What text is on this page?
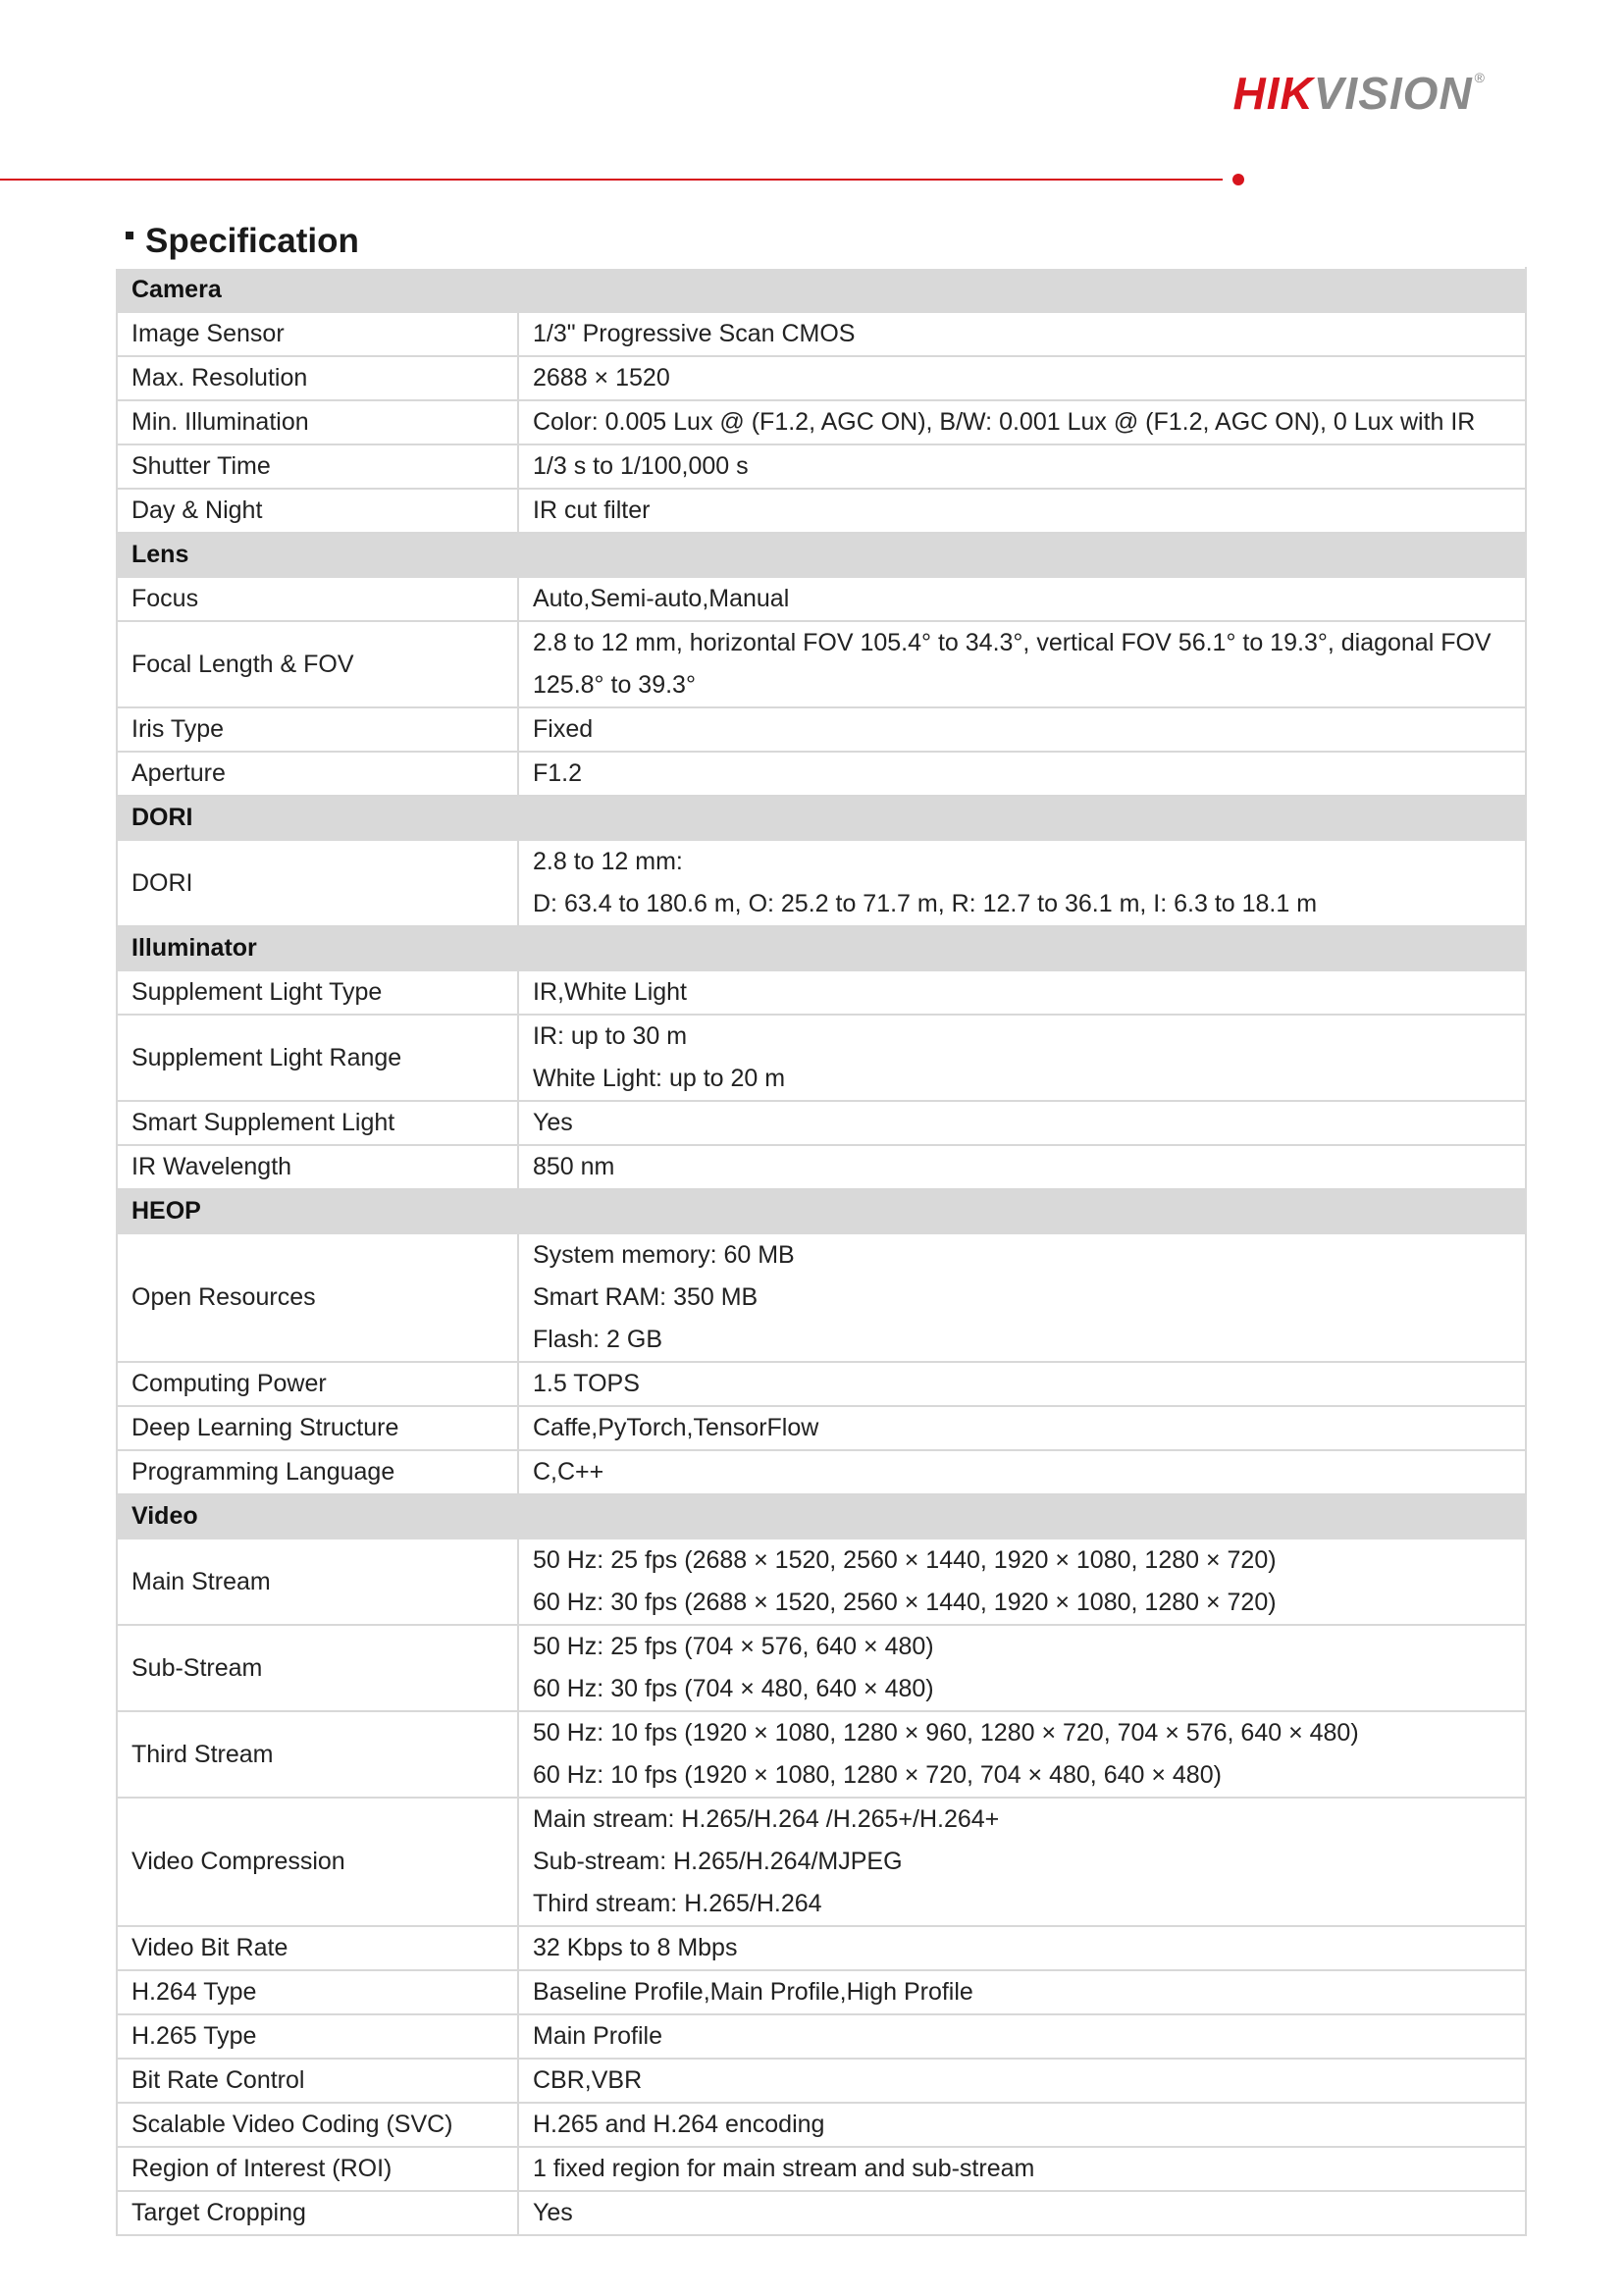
HIKVISION ®
Specification
Camera	
Image Sensor	1/3" Progressive Scan CMOS

Max. Resolution	2688 × 1520

Min. Illumination	Color: 0.005 Lux @ (F1.2, AGC ON), B/W: 0.001 Lux @ (F1.2, AGC ON), 0 Lux with IR

Shutter Time	1/3 s to 1/100,000 s

Day & Night	IR cut filter

Lens	
Focus	Auto,Semi-auto,Manual

Focal Length & FOV	2.8 to 12 mm, horizontal FOV 105.4° to 34.3°, vertical FOV 56.1° to 19.3°, diagonal FOV
125.8° to 39.3°

Iris Type	Fixed

Aperture	F1.2

DORI	
DORI	2.8 to 12 mm:
D: 63.4 to 180.6 m, O: 25.2 to 71.7 m, R: 12.7 to 36.1 m, I: 6.3 to 18.1 m

Illuminator	
Supplement Light Type	IR,White Light

Supplement Light Range	IR: up to 30 m
White Light: up to 20 m

Smart Supplement Light	Yes

IR Wavelength	850 nm

HEOP	
Open Resources	System memory: 60 MB
Smart RAM: 350 MB
Flash: 2 GB

Computing Power	1.5 TOPS

Deep Learning Structure	Caffe,PyTorch,TensorFlow

Programming Language	C,C++

Video	
Main Stream	50 Hz: 25 fps (2688 × 1520, 2560 × 1440, 1920 × 1080, 1280 × 720)
60 Hz: 30 fps (2688 × 1520, 2560 × 1440, 1920 × 1080, 1280 × 720)

Sub-Stream	50 Hz: 25 fps (704 × 576, 640 × 480)
60 Hz: 30 fps (704 × 480, 640 × 480)

Third Stream	50 Hz: 10 fps (1920 × 1080, 1280 × 960, 1280 × 720, 704 × 576, 640 × 480)
60 Hz: 10 fps (1920 × 1080, 1280 × 720, 704 × 480, 640 × 480)

Video Compression	Main stream: H.265/H.264 /H.265+/H.264+
Sub-stream: H.265/H.264/MJPEG
Third stream: H.265/H.264

Video Bit Rate	32 Kbps to 8 Mbps

H.264 Type	Baseline Profile,Main Profile,High Profile

H.265 Type	Main Profile

Bit Rate Control	CBR,VBR

Scalable Video Coding (SVC)	H.265 and H.264 encoding

Region of Interest (ROI)	1 fixed region for main stream and sub-stream

Target Cropping	Yes
